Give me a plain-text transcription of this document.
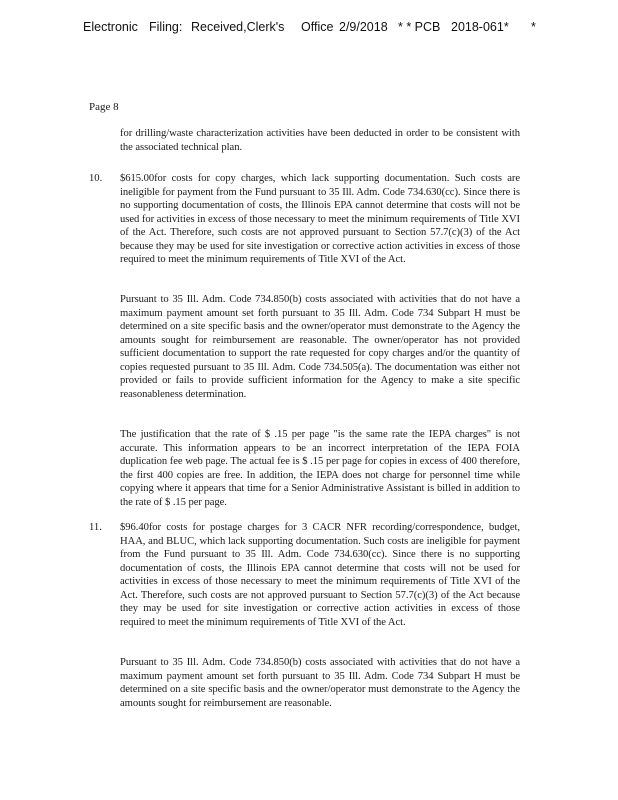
Electronic Filing: Received,Clerk's Office 2/9/2018 * * PCB 2018-061* *
Page 8

for drilling/waste characterization activities have been deducted in order to be consistent with the associated technical plan.

10. $615.00for costs for copy charges, which lack supporting documentation. Such costs are ineligible for payment from the Fund pursuant to 35 Ill. Adm. Code 734.630(cc). Since there is no supporting documentation of costs, the Illinois EPA cannot determine that costs will not be used for activities in excess of those necessary to meet the minimum requirements of Title XVI of the Act. Therefore, such costs are not approved pursuant to Section 57.7(c)(3) of the Act because they may be used for site investigation or corrective action activities in excess of those required to meet the minimum requirements of Title XVI of the Act.

Pursuant to 35 Ill. Adm. Code 734.850(b) costs associated with activities that do not have a maximum payment amount set forth pursuant to 35 Ill. Adm. Code 734 Subpart H must be determined on a site specific basis and the owner/operator must demonstrate to the Agency the amounts sought for reimbursement are reasonable. The owner/operator has not provided sufficient documentation to support the rate requested for copy charges and/or the quantity of copies requested pursuant to 35 Ill. Adm. Code 734.505(a). The documentation was either not provided or fails to provide sufficient information for the Agency to make a site specific reasonableness determination.

The justification that the rate of $ .15 per page "is the same rate the IEPA charges" is not accurate. This information appears to be an incorrect interpretation of the IEPA FOIA duplication fee web page. The actual fee is $ .15 per page for copies in excess of 400 therefore, the first 400 copies are free. In addition, the IEPA does not charge for personnel time while copying where it appears that time for a Senior Administrative Assistant is billed in addition to the rate of $ .15 per page.

11. $96.40for costs for postage charges for 3 CACR NFR recording/correspondence, budget, HAA, and BLUC, which lack supporting documentation. Such costs are ineligible for payment from the Fund pursuant to 35 Ill. Adm. Code 734.630(cc). Since there is no supporting documentation of costs, the Illinois EPA cannot determine that costs will not be used for activities in excess of those necessary to meet the minimum requirements of Title XVI of the Act. Therefore, such costs are not approved pursuant to Section 57.7(c)(3) of the Act because they may be used for site investigation or corrective action activities in excess of those required to meet the minimum requirements of Title XVI of the Act.

Pursuant to 35 Ill. Adm. Code 734.850(b) costs associated with activities that do not have a maximum payment amount set forth pursuant to 35 Ill. Adm. Code 734 Subpart H must be determined on a site specific basis and the owner/operator must demonstrate to the Agency the amounts sought for reimbursement are reasonable.
